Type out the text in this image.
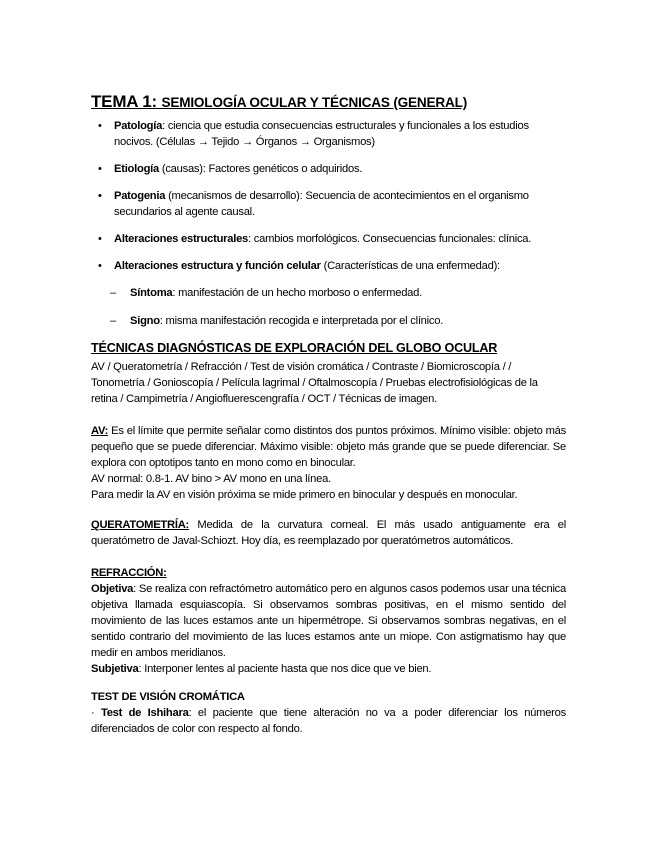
TEMA 1: SEMIOLOGÍA OCULAR Y TÉCNICAS (GENERAL)
• Patología: ciencia que estudia consecuencias estructurales y funcionales a los estudios nocivos. (Células → Tejido → Órganos → Organismos)
• Etiología (causas): Factores genéticos o adquiridos.
• Patogenia (mecanismos de desarrollo): Secuencia de acontecimientos en el organismo secundarios al agente causal.
• Alteraciones estructurales: cambios morfológicos. Consecuencias funcionales: clínica.
• Alteraciones estructura y función celular (Características de una enfermedad):
– Síntoma: manifestación de un hecho morboso o enfermedad.
– Signo: misma manifestación recogida e interpretada por el clínico.
TÉCNICAS DIAGNÓSTICAS DE EXPLORACIÓN DEL GLOBO OCULAR

AV / Queratometría / Refracción / Test de visión cromática / Contraste / Biomicroscopía / / Tonometría / Gonioscopía / Película lagrimal / Oftalmoscopía / Pruebas electrofisiológicas de la retina / Campimetría / Angiofluerescengrafía / OCT / Técnicas de imagen.

AV: Es el límite que permite señalar como distintos dos puntos próximos. Mínimo visible: objeto más pequeño que se puede diferenciar. Máximo visible: objeto más grande que se puede diferenciar. Se explora con optotipos tanto en mono como en binocular.

AV normal: 0.8-1. AV bino > AV mono en una línea.

Para medir la AV en visión próxima se mide primero en binocular y después en monocular.

QUERATOMETRÍA: Medida de la curvatura corneal. El más usado antiguamente era el queratómetro de Javal-Schiozt. Hoy día, es reemplazado por queratómetros automáticos.

REFRACCIÓN:

Objetiva: Se realiza con refractómetro automático pero en algunos casos podemos usar una técnica objetiva llamada esquiascopía. Si observamos sombras positivas, en el mismo sentido del movimiento de las luces estamos ante un hipermétrope. Si observamos sombras negativas, en el sentido contrario del movimiento de las luces estamos ante un miope. Con astigmatismo hay que medir en ambos meridianos.

Subjetiva: Interponer lentes al paciente hasta que nos dice que ve bien.

TEST DE VISIÓN CROMÁTICA

· Test de Ishihara: el paciente que tiene alteración no va a poder diferenciar los números diferenciados de color con respecto al fondo.
